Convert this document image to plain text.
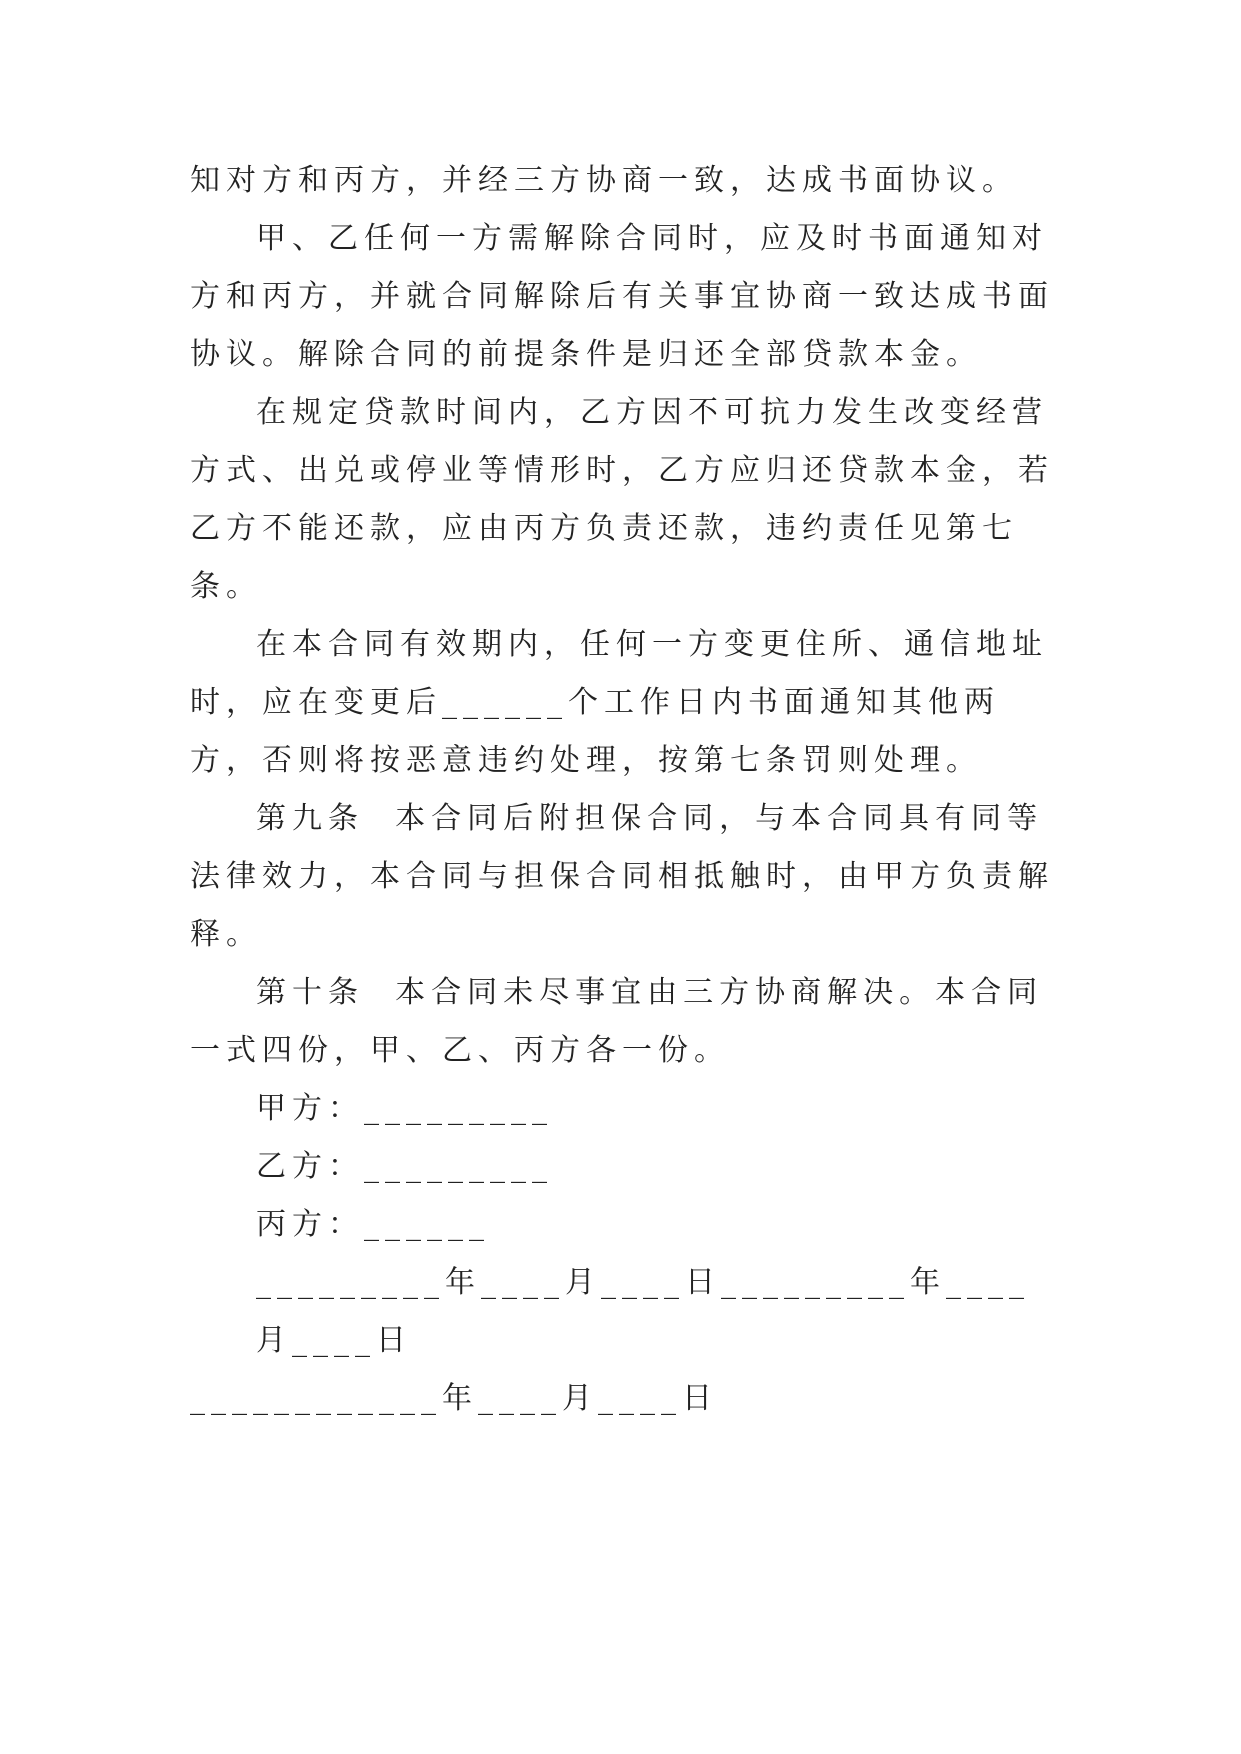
知对方和丙方，并经三方协商一致，达成书面协议。

甲、乙任何一方需解除合同时，应及时书面通知对方和丙方，并就合同解除后有关事宜协商一致达成书面协议。解除合同的前提条件是归还全部贷款本金。

在规定贷款时间内，乙方因不可抗力发生改变经营方式、出兑或停业等情形时，乙方应归还贷款本金，若乙方不能还款，应由丙方负责还款，违约责任见第七条。

在本合同有效期内，任何一方变更住所、通信地址时，应在变更后______个工作日内书面通知其他两方，否则将按恶意违约处理，按第七条罚则处理。

第九条  本合同后附担保合同，与本合同具有同等法律效力，本合同与担保合同相抵触时，由甲方负责解释。

第十条  本合同未尽事宜由三方协商解决。本合同一式四份，甲、乙、丙方各一份。

甲方：_________

乙方：_________

丙方：______

_________年____月____日_________年____月____日

____________年____月____日
